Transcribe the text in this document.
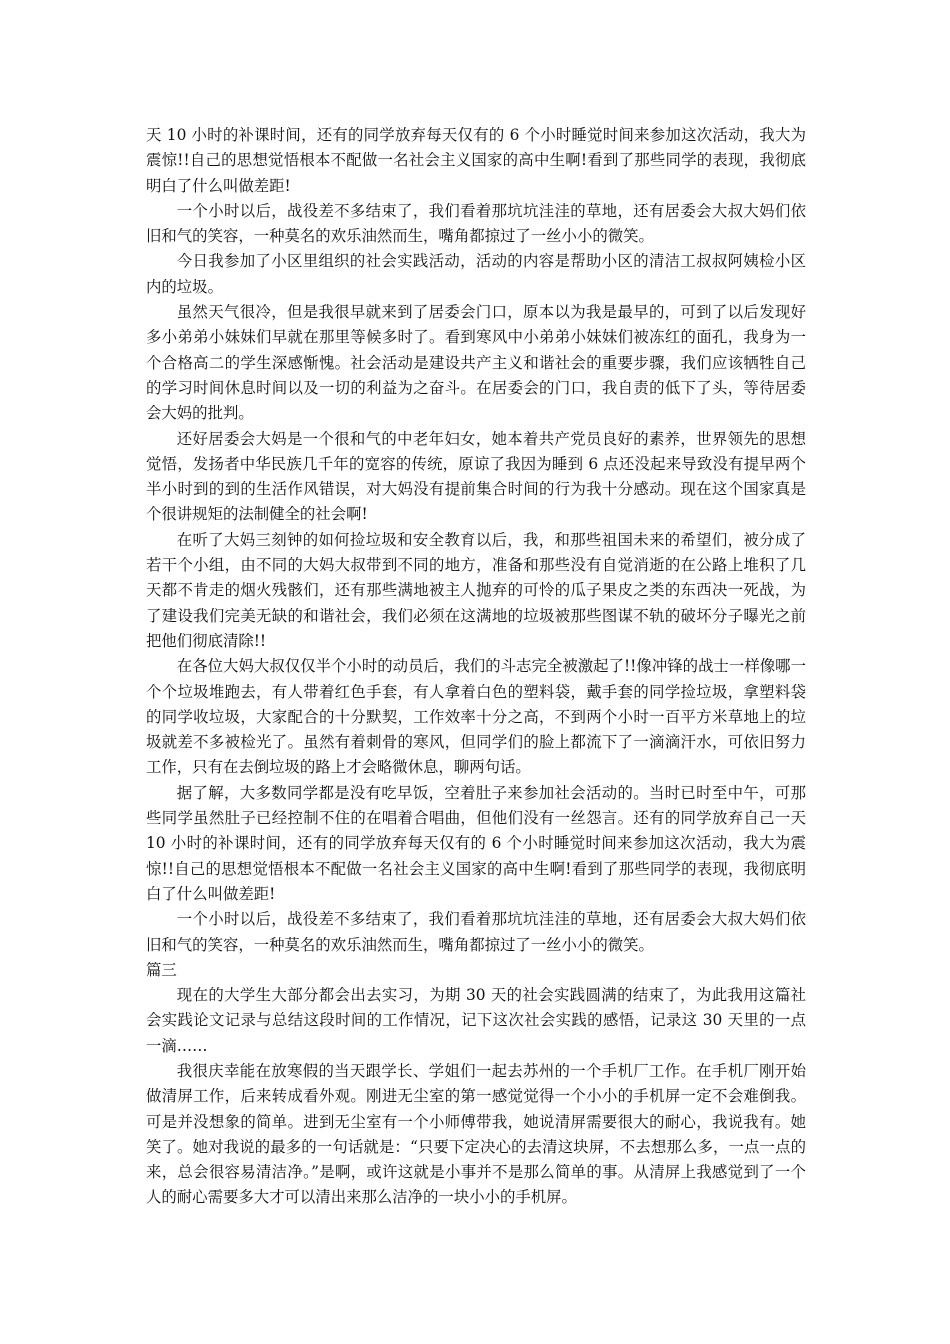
天 10 小时的补课时间，还有的同学放弃每天仅有的 6 个小时睡觉时间来参加这次活动，我大为震惊!!自己的思想觉悟根本不配做一名社会主义国家的高中生啊!看到了那些同学的表现，我彻底明白了什么叫做差距!

一个小时以后，战役差不多结束了，我们看着那坑坑洼洼的草地，还有居委会大叔大妈们依旧和气的笑容，一种莫名的欢乐油然而生，嘴角都掠过了一丝小小的微笑。

今日我参加了小区里组织的社会实践活动，活动的内容是帮助小区的清洁工叔叔阿姨检小区内的垃圾。

虽然天气很冷，但是我很早就来到了居委会门口，原本以为我是最早的，可到了以后发现好多小弟弟小妹妹们早就在那里等候多时了。看到寒风中小弟弟小妹妹们被冻红的面孔，我身为一个合格高二的学生深感惭愧。社会活动是建设共产主义和谐社会的重要步骤，我们应该牺牲自己的学习时间休息时间以及一切的利益为之奋斗。在居委会的门口，我自责的低下了头，等待居委会大妈的批判。

还好居委会大妈是一个很和气的中老年妇女，她本着共产党员良好的素养，世界领先的思想觉悟，发扬者中华民族几千年的宽容的传统，原谅了我因为睡到 6 点还没起来导致没有提早两个半小时到的到的生活作风错误，对大妈没有提前集合时间的行为我十分感动。现在这个国家真是个很讲规矩的法制健全的社会啊!

在听了大妈三刻钟的如何捡垃圾和安全教育以后，我，和那些祖国未来的希望们，被分成了若干个小组，由不同的大妈大叔带到不同的地方，准备和那些没有自觉消逝的在公路上堆积了几天都不肯走的烟火残骸们，还有那些满地被主人抛弃的可怜的瓜子果皮之类的东西决一死战，为了建设我们完美无缺的和谐社会，我们必须在这满地的垃圾被那些图谋不轨的破坏分子曝光之前把他们彻底清除!!

在各位大妈大叔仅仅半个小时的动员后，我们的斗志完全被激起了!!像冲锋的战士一样像哪一个个垃圾堆跑去，有人带着红色手套，有人拿着白色的塑料袋，戴手套的同学捡垃圾，拿塑料袋的同学收垃圾，大家配合的十分默契，工作效率十分之高，不到两个小时一百平方米草地上的垃圾就差不多被检光了。虽然有着刺骨的寒风，但同学们的脸上都流下了一滴滴汗水，可依旧努力工作，只有在去倒垃圾的路上才会略微休息，聊两句话。

据了解，大多数同学都是没有吃早饭，空着肚子来参加社会活动的。当时已时至中午，可那些同学虽然肚子已经控制不住的在唱着合唱曲，但他们没有一丝怨言。还有的同学放弃自己一天 10 小时的补课时间，还有的同学放弃每天仅有的 6 个小时睡觉时间来参加这次活动，我大为震惊!!自己的思想觉悟根本不配做一名社会主义国家的高中生啊!看到了那些同学的表现，我彻底明白了什么叫做差距!

一个小时以后，战役差不多结束了，我们看着那坑坑洼洼的草地，还有居委会大叔大妈们依旧和气的笑容，一种莫名的欢乐油然而生，嘴角都掠过了一丝小小的微笑。

篇三

现在的大学生大部分都会出去实习，为期 30 天的社会实践圆满的结束了，为此我用这篇社会实践论文记录与总结这段时间的工作情况，记下这次社会实践的感悟，记录这 30 天里的一点一滴……

我很庆幸能在放寒假的当天跟学长、学姐们一起去苏州的一个手机厂工作。在手机厂刚开始做清屏工作，后来转成看外观。刚进无尘室的第一感觉觉得一个小小的手机屏一定不会难倒我。可是并没想象的简单。进到无尘室有一个小师傅带我，她说清屏需要很大的耐心，我说我有。她笑了。她对我说的最多的一句话就是：“只要下定决心的去清这块屏，不去想那么多，一点一点的来，总会很容易清洁净。”是啊，或许这就是小事并不是那么简单的事。从清屏上我感觉到了一个人的耐心需要多大才可以清出来那么洁净的一块小小的手机屏。
